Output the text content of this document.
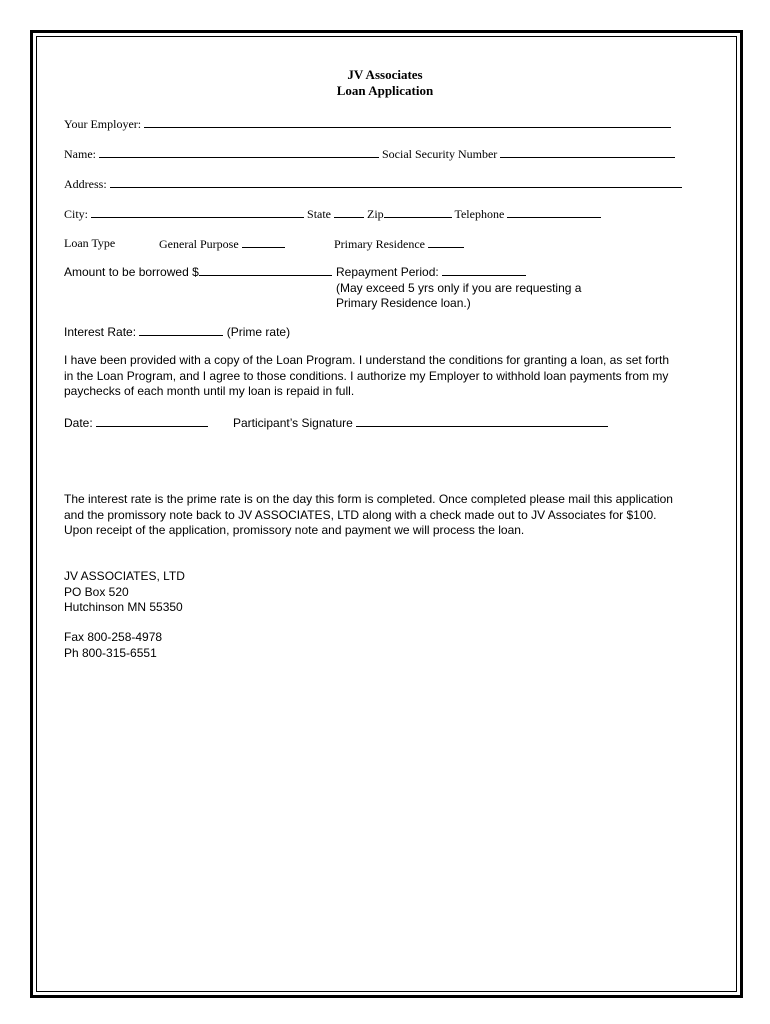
JV Associates
Loan Application
Your Employer:
Name:	Social Security Number
Address:
City:	State	Zip	Telephone
Loan Type	General Purpose	Primary Residence
Amount to be borrowed $	Repayment Period:
(May exceed 5 yrs only if you are requesting a
Primary Residence loan.)
Interest Rate:	(Prime rate)
I have been provided with a copy of the Loan Program. I understand the conditions for granting a loan, as set forth
in the Loan Program, and I agree to those conditions. I authorize my Employer to withhold loan payments from my
paychecks of each month until my loan is repaid in full.
Date:	Participant’s Signature
The interest rate is the prime rate is on the day this form is completed. Once completed please mail this application
and the promissory note back to JV ASSOCIATES, LTD along with a check made out to JV Associates for $100.
Upon receipt of the application, promissory note and payment we will process the loan.
JV ASSOCIATES, LTD
PO Box 520
Hutchinson MN 55350
Fax 800-258-4978
Ph 800-315-6551
